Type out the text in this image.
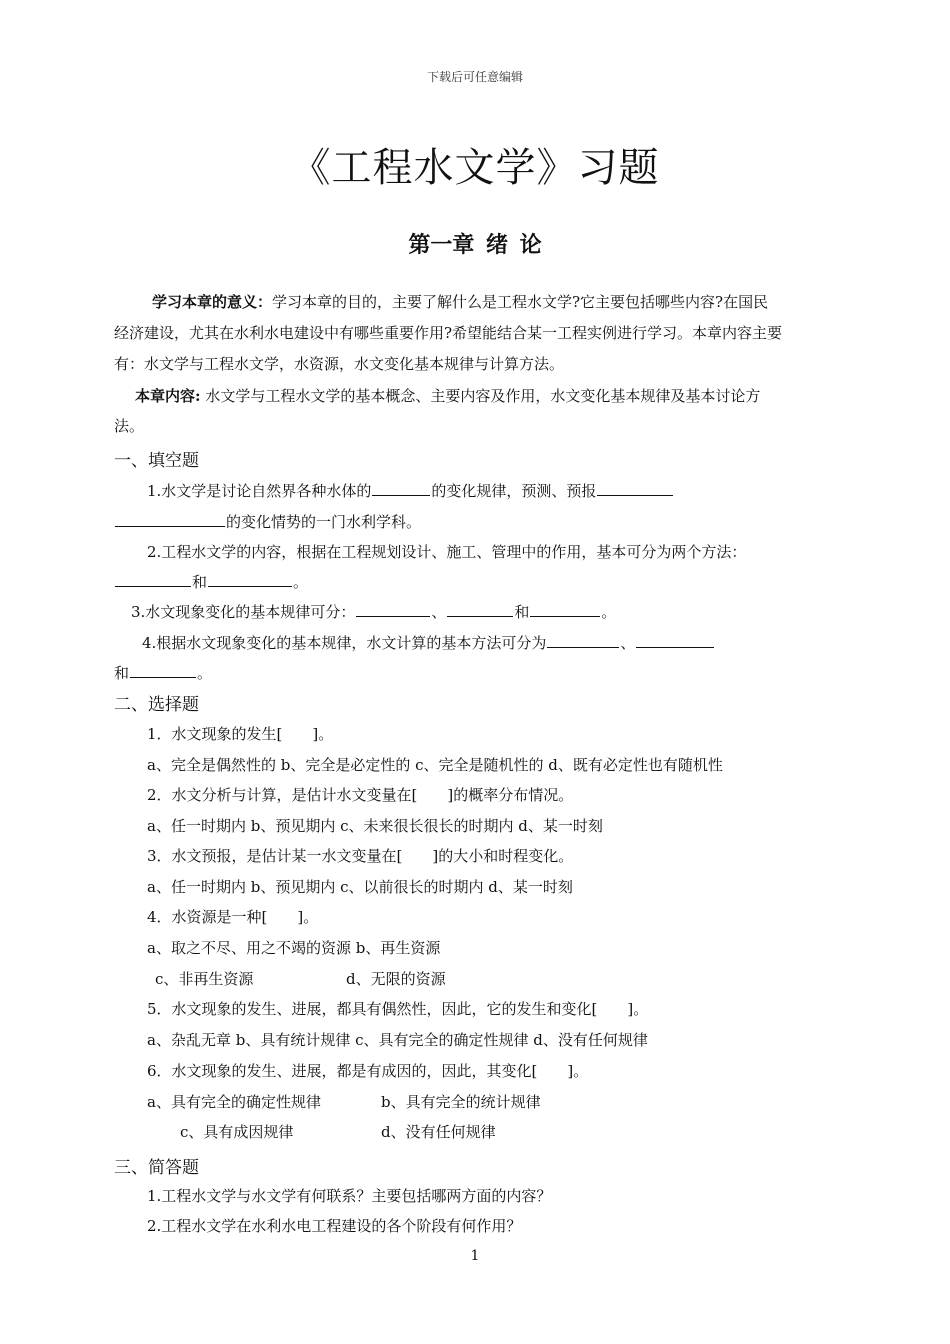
下载后可任意编辑
《工程水文学》习题
第一章 绪 论
学习本章的意义：学习本章的目的，主要了解什么是工程水文学?它主要包括哪些内容?在国民
经济建设，尤其在水利水电建设中有哪些重要作用?希望能结合某一工程实例进行学习。本章内容主要
有：水文学与工程水文学，水资源，水文变化基本规律与计算方法。
本章内容: 水文学与工程水文学的基本概念、主要内容及作用，水文变化基本规律及基本讨论方
法。
一、填空题
1.水文学是讨论自然界各种水体的	的变化规律，预测、预报
的变化情势的一门水利学科。
2.工程水文学的内容，根据在工程规划设计、施工、管理中的作用，基本可分为两个方法：
和	。
3.水文现象变化的基本规律可分：	、	和	。
4.根据水文现象变化的基本规律，水文计算的基本方法可分为	、
和	。
二、选择题
1．水文现象的发生[　　]。
a、完全是偶然性的 b、完全是必定性的 c、完全是随机性的 d、既有必定性也有随机性
2．水文分析与计算，是估计水文变量在[　　]的概率分布情况。
a、任一时期内 b、预见期内 c、未来很长很长的时期内 d、某一时刻
3．水文预报，是估计某一水文变量在[　　]的大小和时程变化。
a、任一时期内 b、预见期内 c、以前很长的时期内 d、某一时刻
4．水资源是一种[　　]。
a、取之不尽、用之不竭的资源 b、再生资源
c、非再生资源	d、无限的资源
5．水文现象的发生、进展，都具有偶然性，因此，它的发生和变化[　　]。
a、杂乱无章 b、具有统计规律 c、具有完全的确定性规律 d、没有任何规律
6．水文现象的发生、进展，都是有成因的，因此，其变化[　　]。
a、具有完全的确定性规律	b、具有完全的统计规律
c、具有成因规律	d、没有任何规律
三、简答题
1.工程水文学与水文学有何联系？主要包括哪两方面的内容？
2.工程水文学在水利水电工程建设的各个阶段有何作用？
1
